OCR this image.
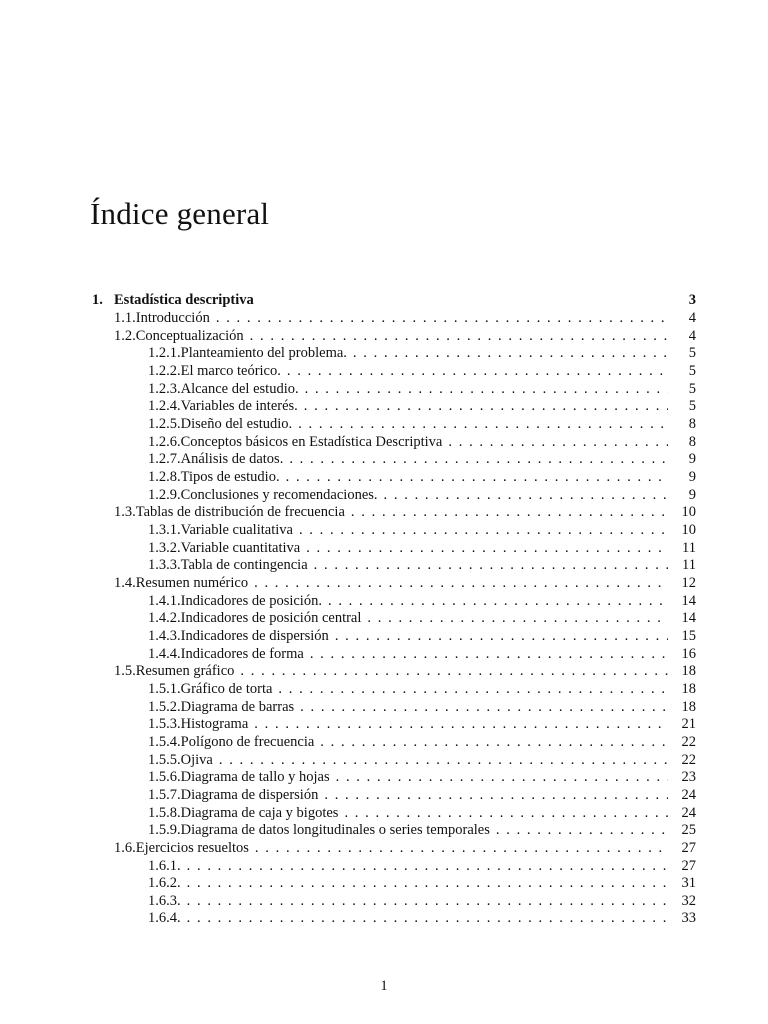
Índice general
1. Estadística descriptiva	3
1.1. Introducción . . .	4
1.2. Conceptualización . . .	4
1.2.1. Planteamiento del problema. . . .	5
1.2.2. El marco teórico. . . .	5
1.2.3. Alcance del estudio. . . .	5
1.2.4. Variables de interés. . . .	5
1.2.5. Diseño del estudio. . . .	8
1.2.6. Conceptos básicos en Estadística Descriptiva . . .	8
1.2.7. Análisis de datos. . . .	9
1.2.8. Tipos de estudio. . . .	9
1.2.9. Conclusiones y recomendaciones. . . .	9
1.3. Tablas de distribución de frecuencia . . .	10
1.3.1. Variable cualitativa . . .	10
1.3.2. Variable cuantitativa . . .	11
1.3.3. Tabla de contingencia . . .	11
1.4. Resumen numérico . . .	12
1.4.1. Indicadores de posición. . . .	14
1.4.2. Indicadores de posición central . . .	14
1.4.3. Indicadores de dispersión . . .	15
1.4.4. Indicadores de forma . . .	16
1.5. Resumen gráfico . . .	18
1.5.1. Gráfico de torta . . .	18
1.5.2. Diagrama de barras . . .	18
1.5.3. Histograma . . .	21
1.5.4. Polígono de frecuencia . . .	22
1.5.5. Ojiva . . .	22
1.5.6. Diagrama de tallo y hojas . . .	23
1.5.7. Diagrama de dispersión . . .	24
1.5.8. Diagrama de caja y bigotes . . .	24
1.5.9. Diagrama de datos longitudinales o series temporales . . .	25
1.6. Ejercicios resueltos . . .	27
1.6.1. . . .	27
1.6.2. . . .	31
1.6.3. . . .	32
1.6.4. . . .	33
1
